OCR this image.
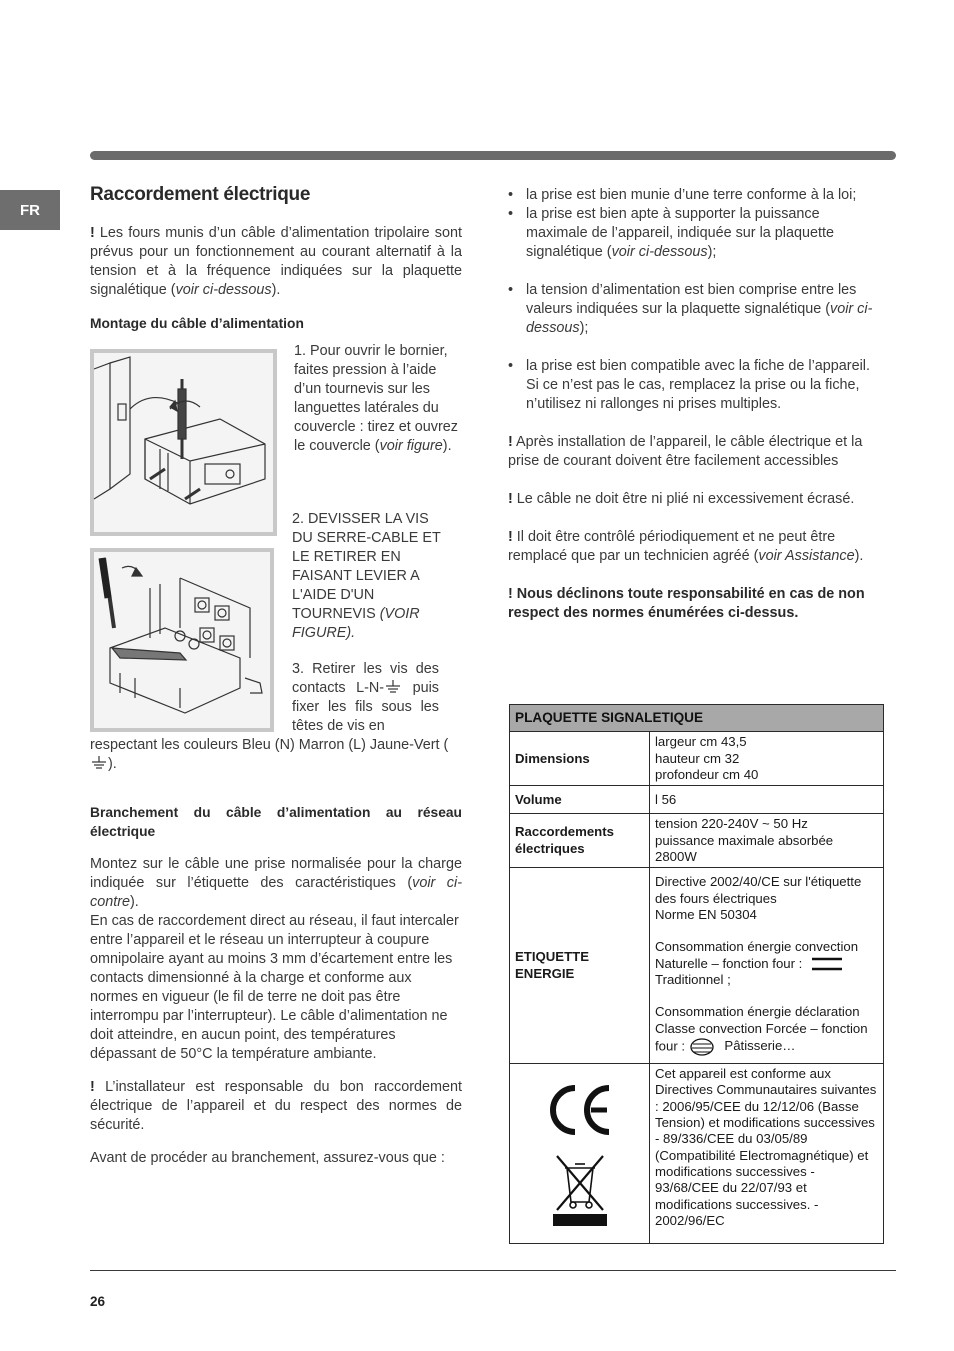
FR
Raccordement électrique

! Les fours munis d’un câble d’alimentation tripolaire sont prévus pour un fonctionnement au courant alternatif à la tension et à la fréquence indiquées sur la plaquette signalétique (voir ci-dessous).

Montage du câble d’alimentation

1. Pour ouvrir le bornier, faites pression à l’aide d’un tournevis sur les languettes latérales du couvercle : tirez et ouvrez le couvercle (voir figure).
2. DEVISSER LA VIS DU SERRE-CABLE ET LE RETIRER EN FAISANT LEVIER A L'AIDE D'UN TOURNEVIS (VOIR FIGURE).
3. Retirer les vis des contacts L-N- puis fixer les fils sous les têtes de vis en
respectant les couleurs Bleu (N) Marron (L) Jaune-Vert ().

Branchement du câble d’alimentation au réseau électrique

Montez sur le câble une prise normalisée pour la charge indiquée sur l’étiquette des caractéristiques (voir ci-contre).

En cas de raccordement direct au réseau, il faut intercaler entre l’appareil et le réseau un interrupteur à coupure omnipolaire ayant au moins 3 mm d’écartement entre les contacts dimensionné à la charge et conforme aux normes en vigueur (le fil de terre ne doit pas être interrompu par l’interrupteur). Le câble d’alimentation ne doit atteindre, en aucun point, des températures dépassant de 50°C la température ambiante.

! L’installateur est responsable du bon raccordement électrique de l’appareil et du respect des normes de sécurité.

Avant de procéder au branchement, assurez-vous que :

• la prise est bien munie d’une terre conforme à la loi;
• la prise est bien apte à supporter la puissance maximale de l’appareil, indiquée sur la plaquette signalétique (voir ci-dessous);
• la tension d’alimentation est bien comprise entre les valeurs indiquées sur la plaquette signalétique (voir ci-dessous);
• la prise est bien compatible avec la fiche de l’appareil. Si ce n’est pas le cas, remplacez la prise ou la fiche, n’utilisez ni rallonges ni prises multiples.

! Après installation de l’appareil, le câble électrique et la prise de courant doivent être facilement accessibles

! Le câble ne doit être ni plié ni excessivement écrasé.

! Il doit être contrôlé périodiquement et ne peut être remplacé que par un technicien agréé (voir Assistance).

! Nous déclinons toute responsabilité en cas de non respect des normes énumérées ci-dessus.

PLAQUETTE SIGNALETIQUE	
Dimensions	largeur cm 43,5
hauteur cm 32
profondeur cm 40

Volume	l 56
Raccordements électriques	tension 220-240V ~ 50 Hz
puissance maximale absorbée
2800W

ETIQUETTE ENERGIE	Directive 2002/40/CE sur l'étiquette des fours électriques
Norme EN 50304
Consommation énergie convection Naturelle – fonction four :
Traditionnel ;
Consommation énergie déclaration Classe convection Forcée – fonction four : Pâtisserie…

	Cet appareil est conforme aux Directives Communautaires suivantes : 2006/95/CEE du 12/12/06 (Basse Tension) et modifications successives - 89/336/CEE du 03/05/89 (Compatibilité Electromagnétique) et modifications successives - 93/68/CEE du 22/07/93 et modifications successives. - 2002/96/EC
26
